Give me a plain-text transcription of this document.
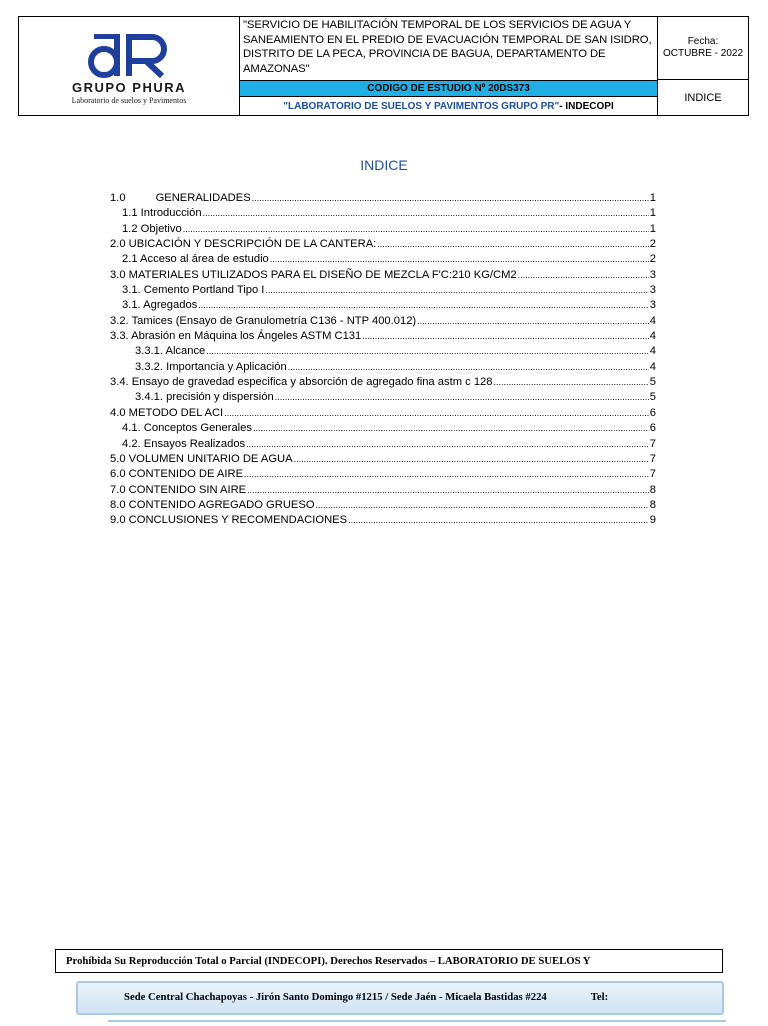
GRUPO PHURA
Laboratorio de suelos y Pavimentos
"SERVICIO DE HABILITACIÓN TEMPORAL DE LOS SERVICIOS DE AGUA Y SANEAMIENTO EN EL PREDIO DE EVACUACIÓN TEMPORAL DE SAN ISIDRO, DISTRITO DE LA PECA, PROVINCIA DE BAGUA, DEPARTAMENTO DE AMAZONAS"
CODIGO DE ESTUDIO Nº 20DS373
"LABORATORIO DE SUELOS Y PAVIMENTOS GRUPO PR" - INDECOPI
Fecha:
OCTUBRE - 2022
INDICE
INDICE
1.0	GENERALIDADES .....	1
1.1 Introducción .....	1
1.2 Objetivo .....	1
2.0 UBICACIÓN Y DESCRIPCIÓN DE LA CANTERA: .....	2
2.1 Acceso al área de estudio .....	2
3.0 MATERIALES UTILIZADOS PARA EL DISEÑO DE MEZCLA F'C:210 KG/CM2 .....	3
3.1. Cemento Portland Tipo I .....	3
3.1. Agregados .....	3
3.2. Tamices (Ensayo de Granulometría C136 - NTP 400.012) .....	4
3.3. Abrasión en Máquina los Ángeles ASTM C131 .....	4
3.3.1. Alcance .....	4
3.3.2. Importancia y Aplicación .....	4
3.4. Ensayo de gravedad especifica y absorción de agregado fina astm c 128 .....	5
3.4.1. precisión y dispersión .....	5
4.0 METODO DEL ACI .....	6
4.1. Conceptos Generales .....	6
4.2. Ensayos Realizados .....	7
5.0 VOLUMEN UNITARIO DE AGUA .....	7
6.0 CONTENIDO DE AIRE .....	7
7.0 CONTENIDO SIN AIRE .....	8
8.0 CONTENIDO AGREGADO GRUESO .....	8
9.0 CONCLUSIONES Y RECOMENDACIONES .....	9
Prohíbida Su Reproducción Total o Parcial (INDECOPI). Derechos Reservados – LABORATORIO DE SUELOS Y
Sede Central Chachapoyas - Jirón Santo Domingo #1215 / Sede Jaén - Micaela Bastidas #224	Tel:
